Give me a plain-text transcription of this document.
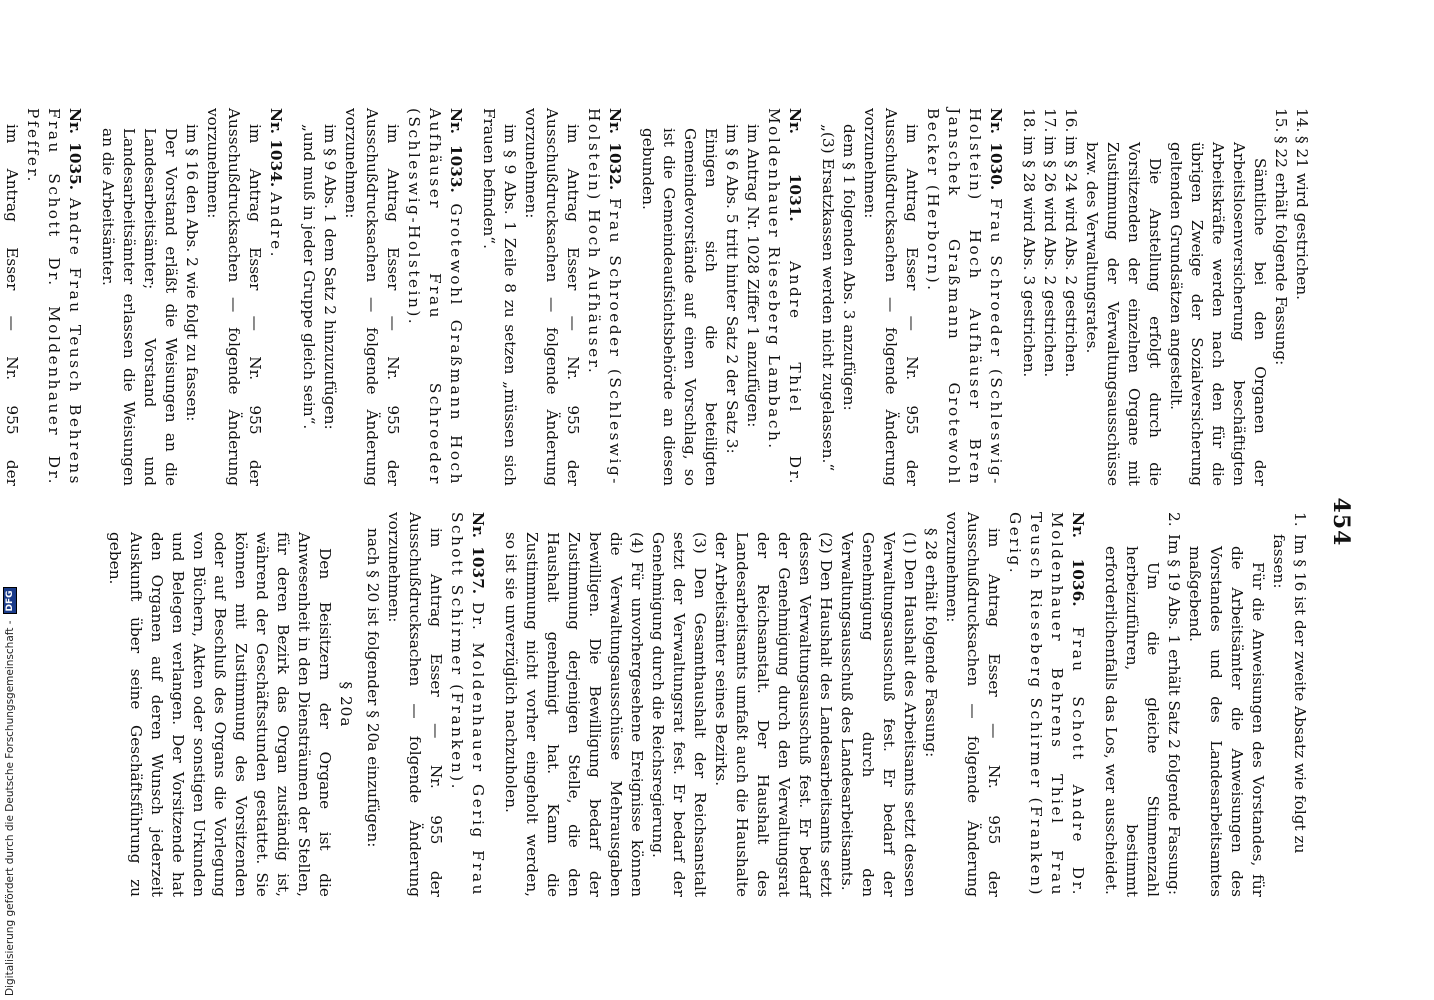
454
14.
§ 21 wird gestrichen.
15.
§ 22 erhält folgende Fassung:

Sämtliche bei den Organen der Arbeitslosenversicherung beschäftigten Arbeitskräfte werden nach den für die übrigen Zweige der Sozialversicherung geltenden Grundsätzen angestellt.

Die Anstellung erfolgt durch die Vorsitzenden der einzelnen Organe mit Zustimmung der Verwaltungsausschüsse bzw. des Verwaltungsrates.

16.
im § 24 wird Abs. 2 gestrichen.
17.
im § 26 wird Abs. 2 gestrichen.
18.
im § 28 wird Abs. 3 gestrichen.

Nr. 1030. Frau Schroeder (Schleswig-Holstein) Hoch Aufhäuser Bren Janschek Graßmann Grotewohl Becker (Herborn).

im Antrag Esser — Nr. 955 der Ausschußdrucksachen — folgende Änderung vorzunehmen:

dem § 1 folgenden Abs. 3 anzufügen:

„(3) Ersatzkassen werden nicht zugelassen.“

Nr. 1031. Andre Thiel Dr. Moldenhauer Rieseberg Lambach.

im Antrag Nr. 1028 Ziffer 1 anzufügen:

im § 6 Abs. 5 tritt hinter Satz 2 der Satz 3:

Einigen sich die beteiligten Gemeindevorstände auf einen Vorschlag, so ist die Gemeindeaufsichtsbehörde an diesen gebunden.

Nr. 1032. Frau Schroeder (Schleswig-Holstein) Hoch Aufhäuser.

im Antrag Esser — Nr. 955 der Ausschußdrucksachen — folgende Änderung vorzunehmen:

im § 9 Abs. 1 Zeile 8 zu setzen „müssen sich Frauen befinden“.

Nr. 1033. Grotewohl Graßmann Hoch Aufhäuser Frau Schroeder (Schleswig-Holstein).

im Antrag Esser — Nr. 955 der Ausschußdrucksachen — folgende Änderung vorzunehmen:

im § 9 Abs. 1 dem Satz 2 hinzuzufügen:

„und muß in jeder Gruppe gleich sein“.

Nr. 1034. Andre.

im Antrag Esser — Nr. 955 der Ausschußdrucksachen — folgende Änderung vorzunehmen:

im § 16 den Abs. 2 wie folgt zu fassen:

Der Vorstand erläßt die Weisungen an die Landesarbeitsämter; Vorstand und Landesarbeitsämter erlassen die Weisungen an die Arbeitsämter.

Nr. 1035. Andre Frau Teusch Behrens Frau Schott Dr. Moldenhauer Dr. Pfeffer.

im Antrag Esser — Nr. 955 der

1.
Im § 16 ist der zweite Absatz wie folgt zu fassen:

Für die Anweisungen des Vorstandes, für die Arbeitsämter die Anweisungen des Vorstandes und des Landesarbeitsamtes maßgebend.

2.
Im § 19 Abs. 1 erhält Satz 2 folgende Fassung:

Um die gleiche Stimmenzahl herbeizuführen, bestimmt erforderlichenfalls das Los, wer ausscheidet.

Nr. 1036. Frau Schott Andre Dr. Moldenhauer Behrens Thiel Frau Teusch Rieseberg Schirmer (Franken) Gerig.

im Antrag Esser — Nr. 955 der Ausschußdrucksachen — folgende Änderung vorzunehmen:

§ 28 erhält folgende Fassung:

(1) Den Haushalt des Arbeitsamts setzt dessen Verwaltungsausschuß fest. Er bedarf der Genehmigung durch den Verwaltungsausschuß des Landesarbeitsamts.

(2) Den Haushalt des Landesarbeitsamts setzt dessen Verwaltungsausschuß fest. Er bedarf der Genehmigung durch den Verwaltungsrat der Reichsanstalt. Der Haushalt des Landesarbeitsamts umfaßt auch die Haushalte der Arbeitsämter seines Bezirks.

(3) Den Gesamthaushalt der Reichsanstalt setzt der Verwaltungsrat fest. Er bedarf der Genehmigung durch die Reichsregierung.

(4) Für unvorhergesehene Ereignisse können die Verwaltungsausschüsse Mehrausgaben bewilligen. Die Bewilligung bedarf der Zustimmung derjenigen Stelle, die den Haushalt genehmigt hat. Kann die Zustimmung nicht vorher eingeholt werden, so ist sie unverzüglich nachzuholen.

Nr. 1037. Dr. Moldenhauer Gerig Frau Schott Schirmer (Franken).

im Antrag Esser — Nr. 955 der Ausschußdrucksachen — folgende Änderung vorzunehmen:

nach § 20 ist folgender § 20a einzufügen:

§ 20a

Den Beisitzern der Organe ist die Anwesenheit in den Diensträumen der Stellen, für deren Bezirk das Organ zuständig ist, während der Geschäftsstunden gestattet. Sie können mit Zustimmung des Vorsitzenden oder auf Beschluß des Organs die Vorlegung von Büchern, Akten oder sonstigen Urkunden und Belegen verlangen. Der Vorsitzende hat den Organen auf deren Wunsch jederzeit Auskunft über seine Geschäftsführung zu geben.

Digitalisierung gefördert durch die Deutsche Forschungsgemeinschaft -
DFG
